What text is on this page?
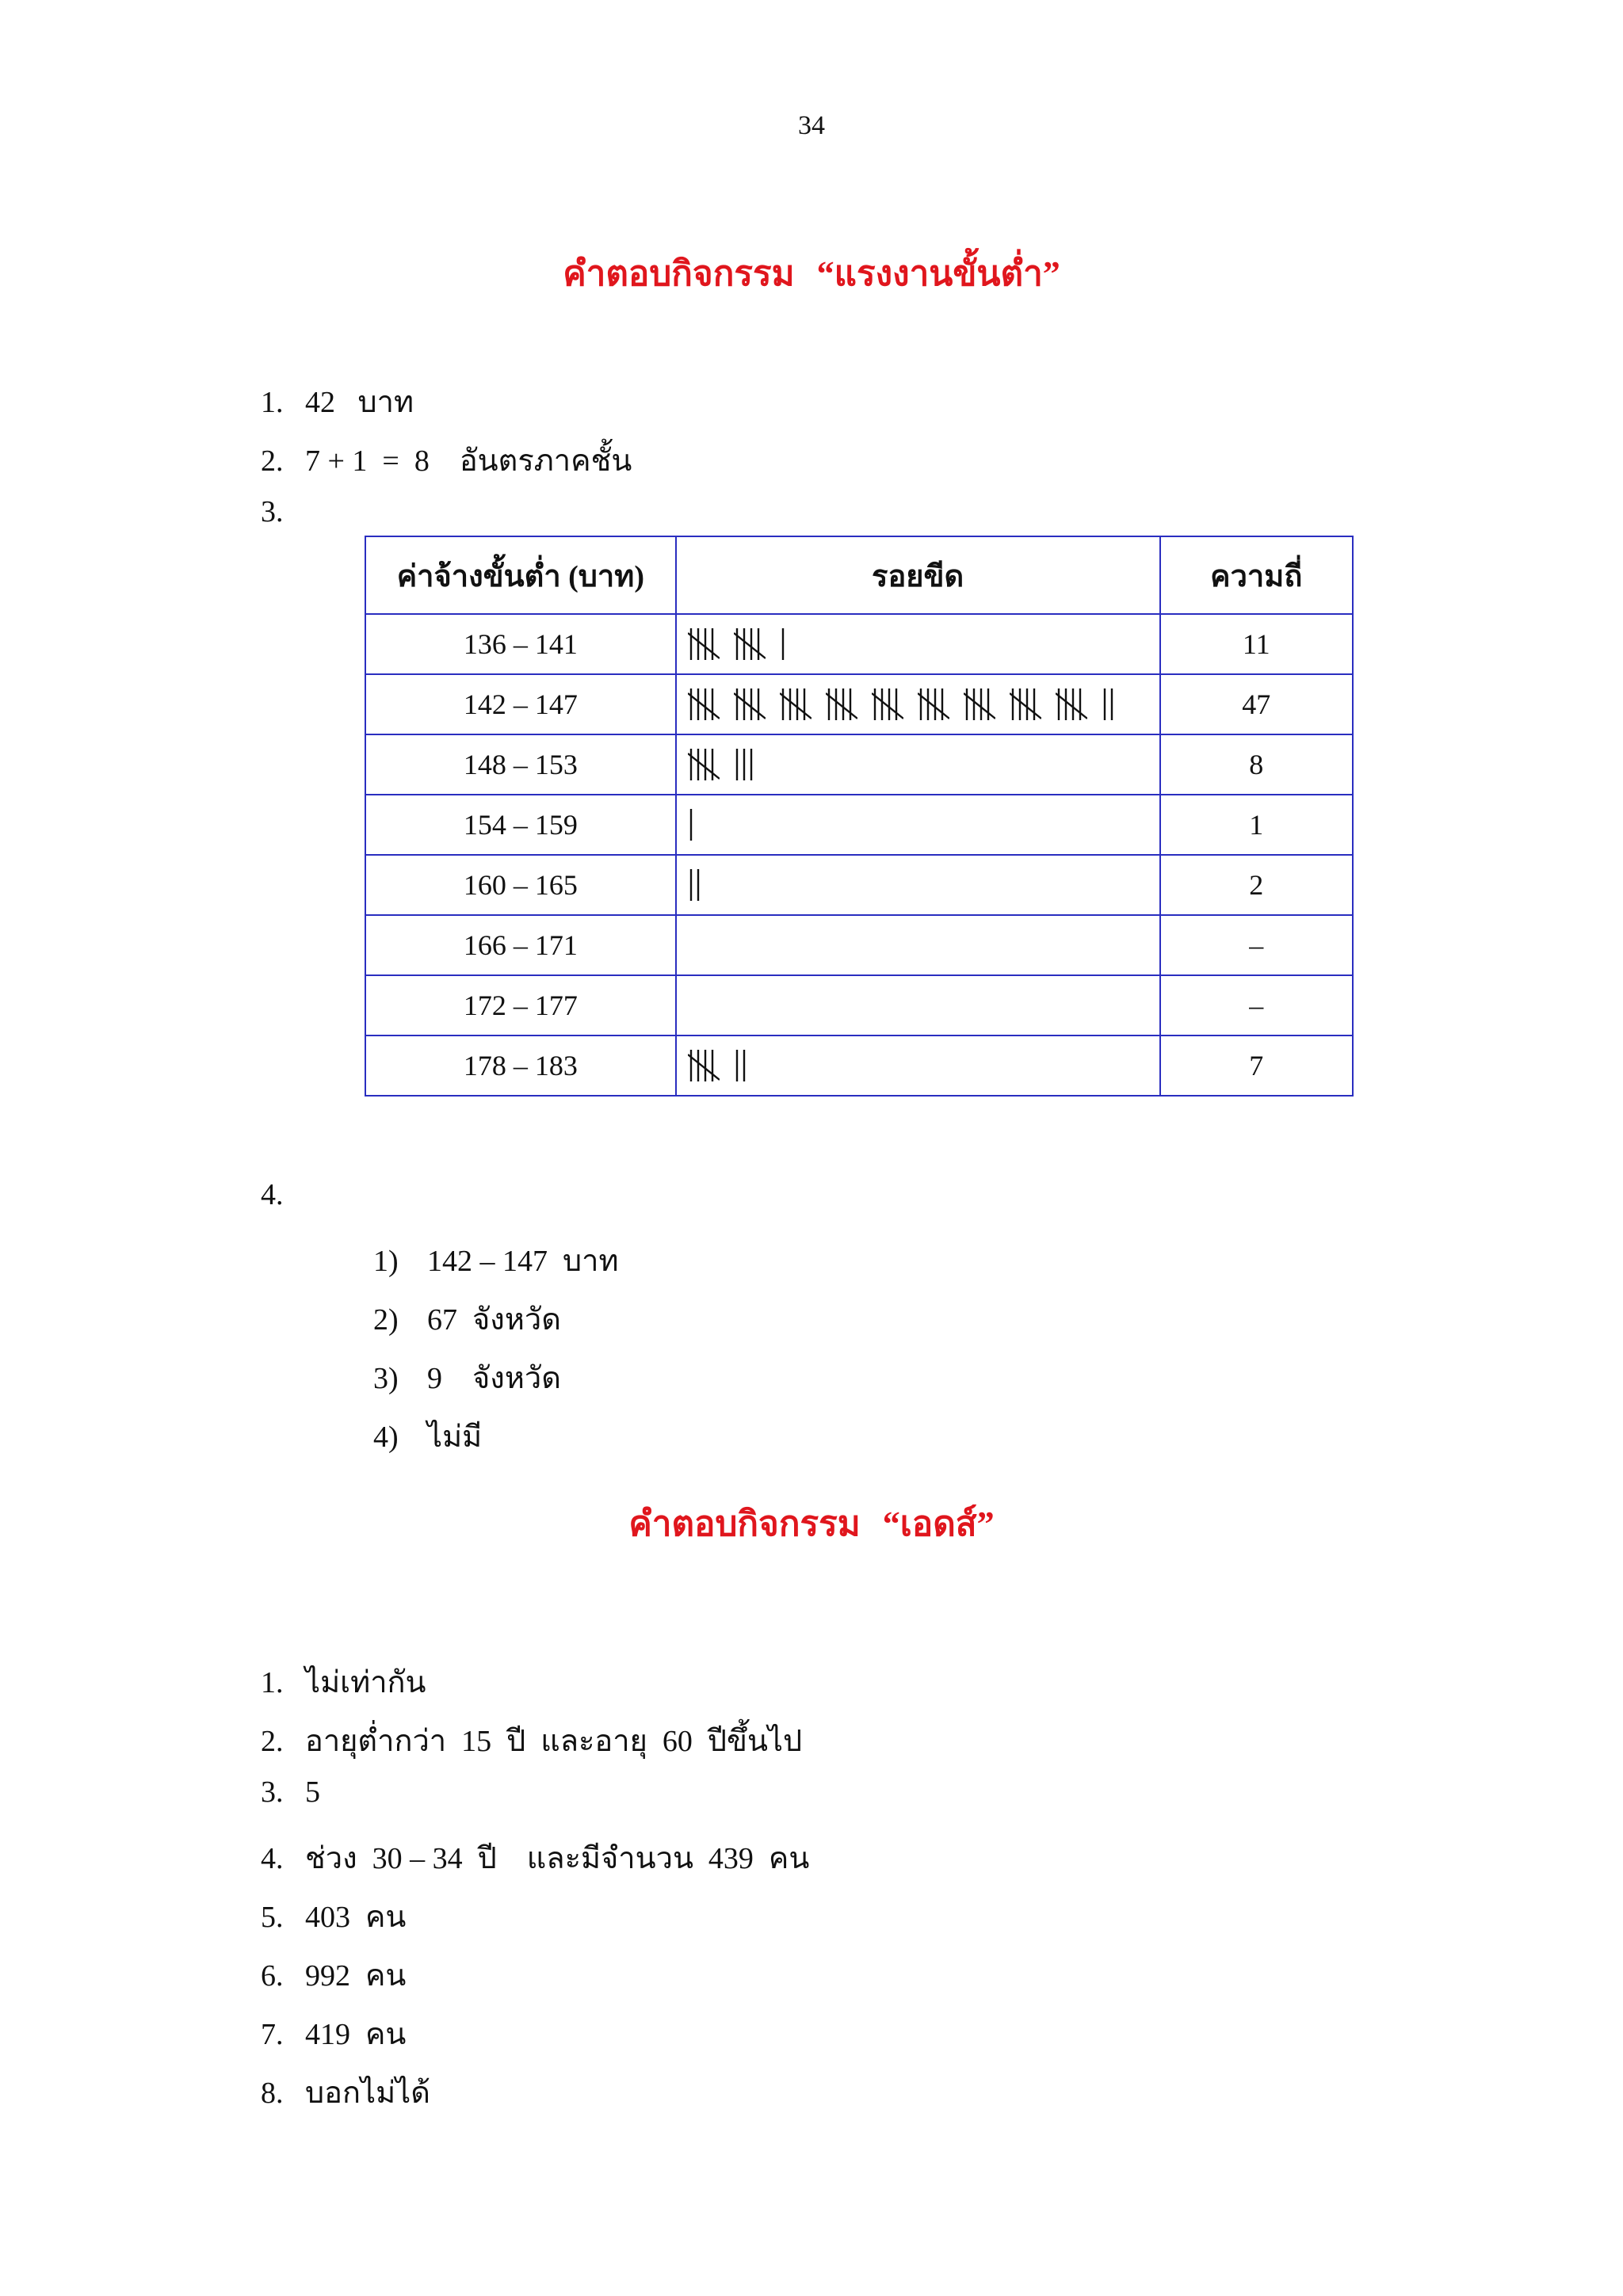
34
คำตอบกิจกรรม “แรงงานขั้นต่ำ”

1. 42   บาท

2. 7 + 1  =  8    อันตรภาคชั้น

3.

ค่าจ้างขั้นต่ำ (บาท)	รอยขีด	ความถี่
136 – 141		11
142 – 147		47
148 – 153		8
154 – 159		1
160 – 165		2
166 – 171		–
172 – 177		–
178 – 183		7

4.

1) 142 – 147  บาท

2) 67  จังหวัด

3) 9    จังหวัด

4) ไม่มี

คำตอบกิจกรรม “เอดส์”

1. ไม่เท่ากัน

2. อายุต่ำกว่า  15  ปี  และอายุ  60  ปีขึ้นไป

3. 5

4. ช่วง  30 – 34  ปี    และมีจำนวน  439  คน

5. 403  คน

6. 992  คน

7. 419  คน

8. บอกไม่ได้
